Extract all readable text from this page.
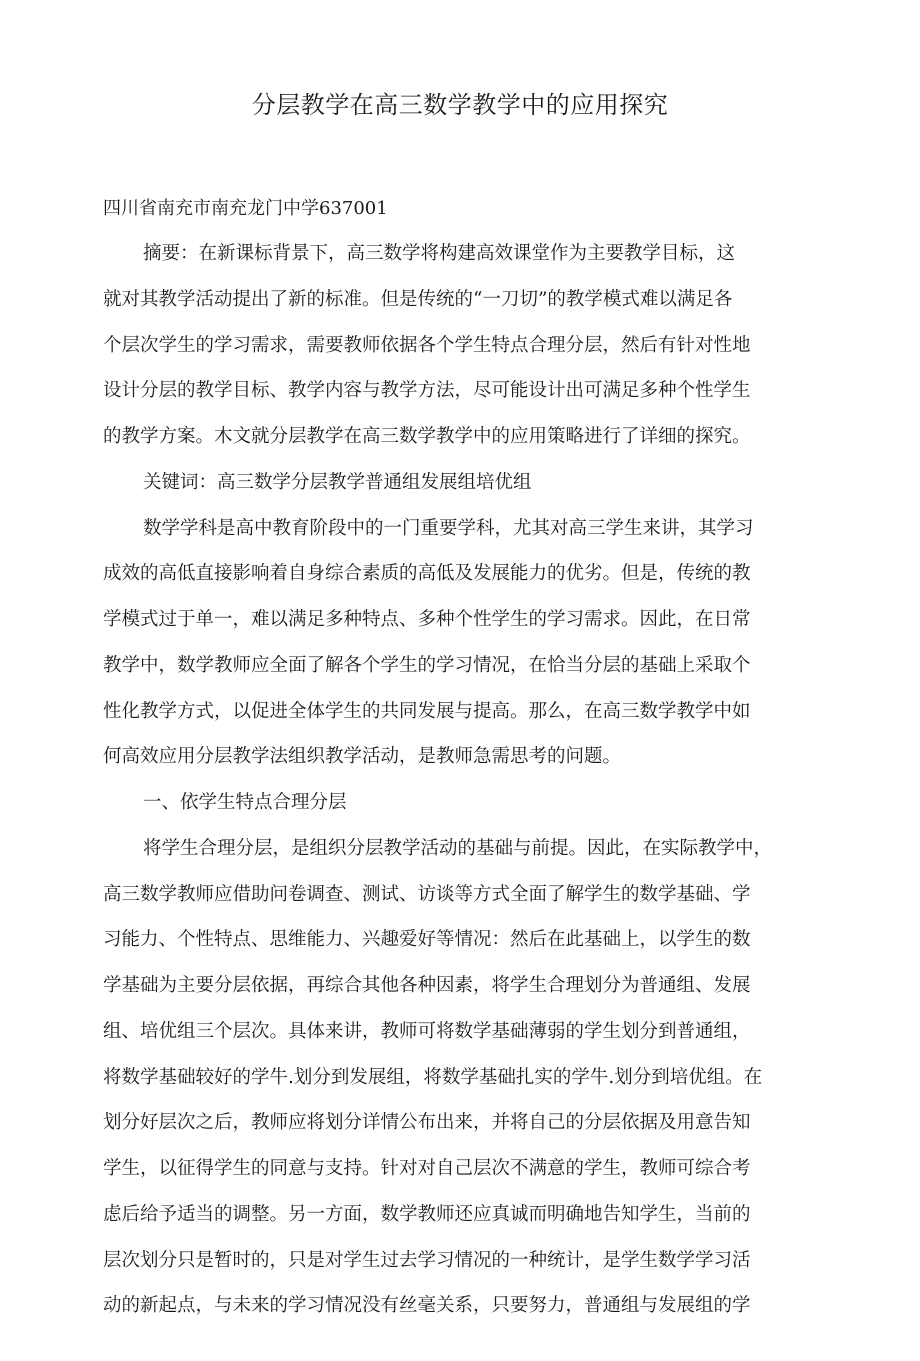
分层教学在高三数学教学中的应用探究
四川省南充市南充龙门中学637001
摘要：在新课标背景下，高三数学将构建高效课堂作为主要教学目标，这
就对其教学活动提出了新的标准。但是传统的“一刀切”的教学模式难以满足各
个层次学生的学习需求，需要教师依据各个学生特点合理分层，然后有针对性地
设计分层的教学目标、教学内容与教学方法，尽可能设计出可满足多种个性学生
的教学方案。木文就分层教学在高三数学教学中的应用策略进行了详细的探究。
关键词：高三数学分层教学普通组发展组培优组
数学学科是高中教育阶段中的一门重要学科，尤其对高三学生来讲，其学习
成效的高低直接影响着自身综合素质的高低及发展能力的优劣。但是，传统的教
学模式过于单一，难以满足多种特点、多种个性学生的学习需求。因此，在日常
教学中，数学教师应全面了解各个学生的学习情况，在恰当分层的基础上采取个
性化教学方式，以促进全体学生的共同发展与提高。那么，在高三数学教学中如
何高效应用分层教学法组织教学活动，是教师急需思考的问题。
一、依学生特点合理分层
将学生合理分层，是组织分层教学活动的基础与前提。因此，在实际教学中，
高三数学教师应借助问卷调查、测试、访谈等方式全面了解学生的数学基础、学
习能力、个性特点、思维能力、兴趣爱好等情况：然后在此基础上，以学生的数
学基础为主要分层依据，再综合其他各种因素，将学生合理划分为普通组、发展
组、培优组三个层次。具体来讲，教师可将数学基础薄弱的学生划分到普通组，
将数学基础较好的学牛.划分到发展组，将数学基础扎实的学牛.划分到培优组。在
划分好层次之后，教师应将划分详情公布出来，并将自己的分层依据及用意告知
学生，以征得学生的同意与支持。针对对自己层次不满意的学生，教师可综合考
虑后给予适当的调整。另一方面，数学教师还应真诚而明确地告知学生，当前的
层次划分只是暂时的，只是对学生过去学习情况的一种统计，是学生数学学习活
动的新起点，与未来的学习情况没有丝毫关系，只要努力，普通组与发展组的学
